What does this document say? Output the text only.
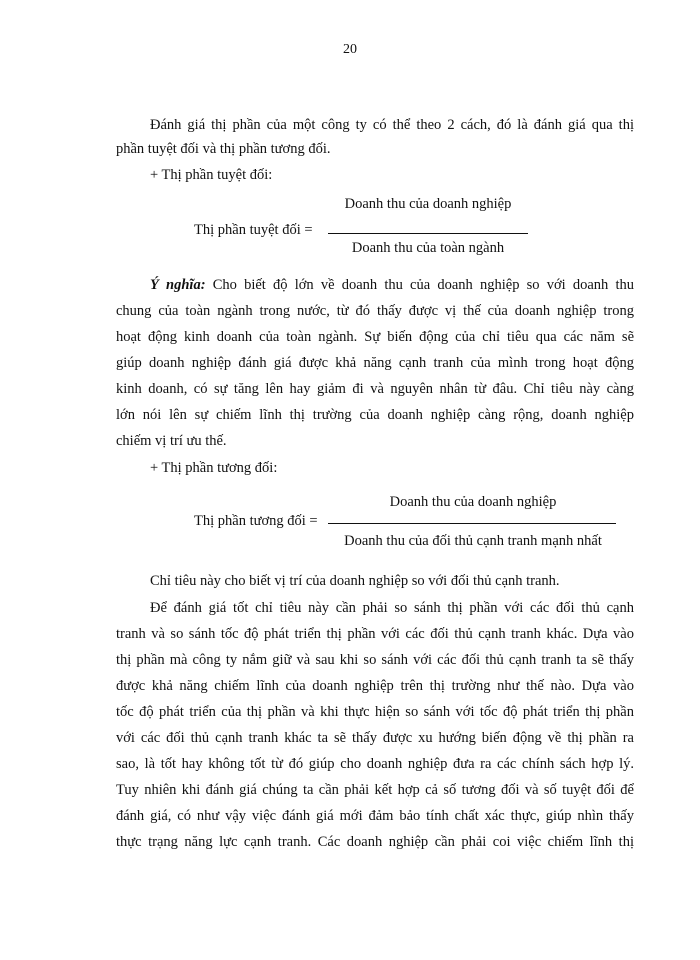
20

Đánh giá thị phần của một công ty có thể theo 2 cách, đó là đánh giá qua thị

phần tuyệt đối và thị phần tương đối.

+ Thị phần tuyệt đối:

Thị phần tuyệt đối =
Doanh thu của doanh nghiệp
Doanh thu của toàn ngành

Ý nghĩa: Cho biết độ lớn về doanh thu của doanh nghiệp so với doanh thu

chung của toàn ngành trong nước, từ đó thấy được vị thế của doanh nghiệp trong

hoạt động kinh doanh của toàn ngành. Sự biến động của chỉ tiêu qua các năm sẽ

giúp doanh nghiệp đánh giá được khả năng cạnh tranh của mình trong hoạt động

kinh doanh, có sự tăng lên hay giảm đi và nguyên nhân từ đâu. Chỉ tiêu này càng

lớn nói lên sự chiếm lĩnh thị trường của doanh nghiệp càng rộng, doanh nghiệp

chiếm vị trí ưu thế.

+ Thị phần tương đối:

Thị phần tương đối =
Doanh thu của doanh nghiệp
Doanh thu của đối thủ cạnh tranh mạnh nhất

Chỉ tiêu này cho biết vị trí của doanh nghiệp so với đối thủ cạnh tranh.

Để đánh giá tốt chỉ tiêu này cần phải so sánh thị phần với các đối thủ cạnh

tranh và so sánh tốc độ phát triển thị phần với các đối thủ cạnh tranh khác. Dựa vào

thị phần mà công ty nắm giữ và sau khi so sánh với các đối thủ cạnh tranh ta sẽ thấy

được khả năng chiếm lĩnh của doanh nghiệp trên thị trường như thế nào. Dựa vào

tốc độ phát triển của thị phần và khi thực hiện so sánh với tốc độ phát triển thị phần

với các đối thủ cạnh tranh khác ta sẽ thấy được xu hướng biến động về thị phần ra

sao, là tốt hay không tốt từ đó giúp cho doanh nghiệp đưa ra các chính sách hợp lý.

Tuy nhiên khi đánh giá chúng ta cần phải kết hợp cả số tương đối và số tuyệt đối để

đánh giá, có như vậy việc đánh giá mới đảm bảo tính chất xác thực, giúp nhìn thấy

thực trạng năng lực cạnh tranh. Các doanh nghiệp cần phải coi việc chiếm lĩnh thị
